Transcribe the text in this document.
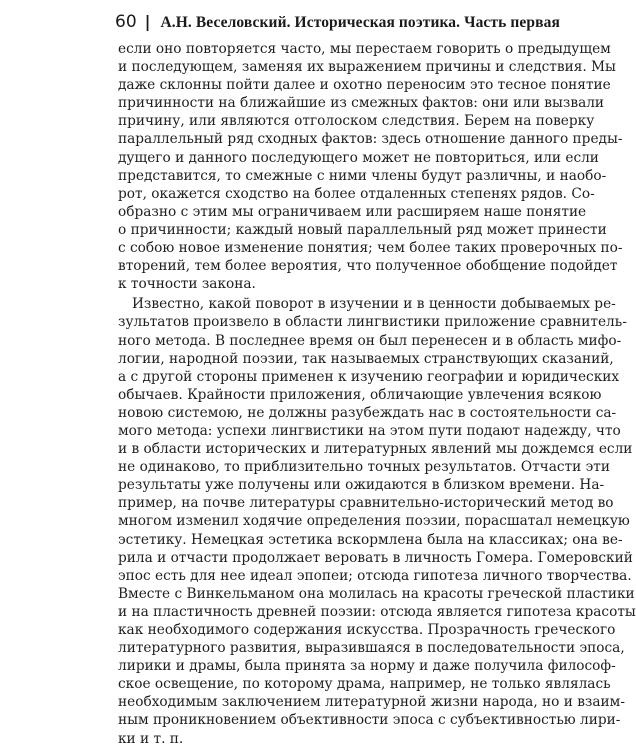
60 | А.Н. Веселовский. Историческая поэтика. Часть первая
если оно повторяется часто, мы перестаем говорить о предыдущем
и последующем, заменяя их выражением причины и следствия. Мы
даже склонны пойти далее и охотно переносим это тесное понятие
причинности на ближайшие из смежных фактов: они или вызвали
причину, или являются отголоском следствия. Берем на поверку
параллельный ряд сходных фактов: здесь отношение данного преды-
дущего и данного последующего может не повториться, или если
представится, то смежные с ними члены будут различны, и наобо-
рот, окажется сходство на более отдаленных степенях рядов. Со-
образно с этим мы ограничиваем или расширяем наше понятие
о причинности; каждый новый параллельный ряд может принести
с собою новое изменение понятия; чем более таких проверочных по-
вторений, тем более вероятия, что полученное обобщение подойдет
к точности закона.
Известно, какой поворот в изучении и в ценности добываемых ре-
зультатов произвело в области лингвистики приложение сравнитель-
ного метода. В последнее время он был перенесен и в область мифо-
логии, народной поэзии, так называемых странствующих сказаний,
а с другой стороны применен к изучению географии и юридических
обычаев. Крайности приложения, обличающие увлечения всякою
новою системою, не должны разубеждать нас в состоятельности са-
мого метода: успехи лингвистики на этом пути подают надежду, что
и в области исторических и литературных явлений мы дождемся если
не одинаково, то приблизительно точных результатов. Отчасти эти
результаты уже получены или ожидаются в близком времени. На-
пример, на почве литературы сравнительно-исторический метод во
многом изменил ходячие определения поэзии, порасшатал немецкую
эстетику. Немецкая эстетика вскормлена была на классиках; она ве-
рила и отчасти продолжает веровать в личность Гомера. Гомеровский
эпос есть для нее идеал эпопеи; отсюда гипотеза личного творчества.
Вместе с Винкельманом она молилась на красоты греческой пластики
и на пластичность древней поэзии: отсюда является гипотеза красоты
как необходимого содержания искусства. Прозрачность греческого
литературного развития, выразившаяся в последовательности эпоса,
лирики и драмы, была принята за норму и даже получила философ-
ское освещение, по которому драма, например, не только являлась
необходимым заключением литературной жизни народа, но и взаим-
ным проникновением объективности эпоса с субъективностью лири-
ки и т. п.
